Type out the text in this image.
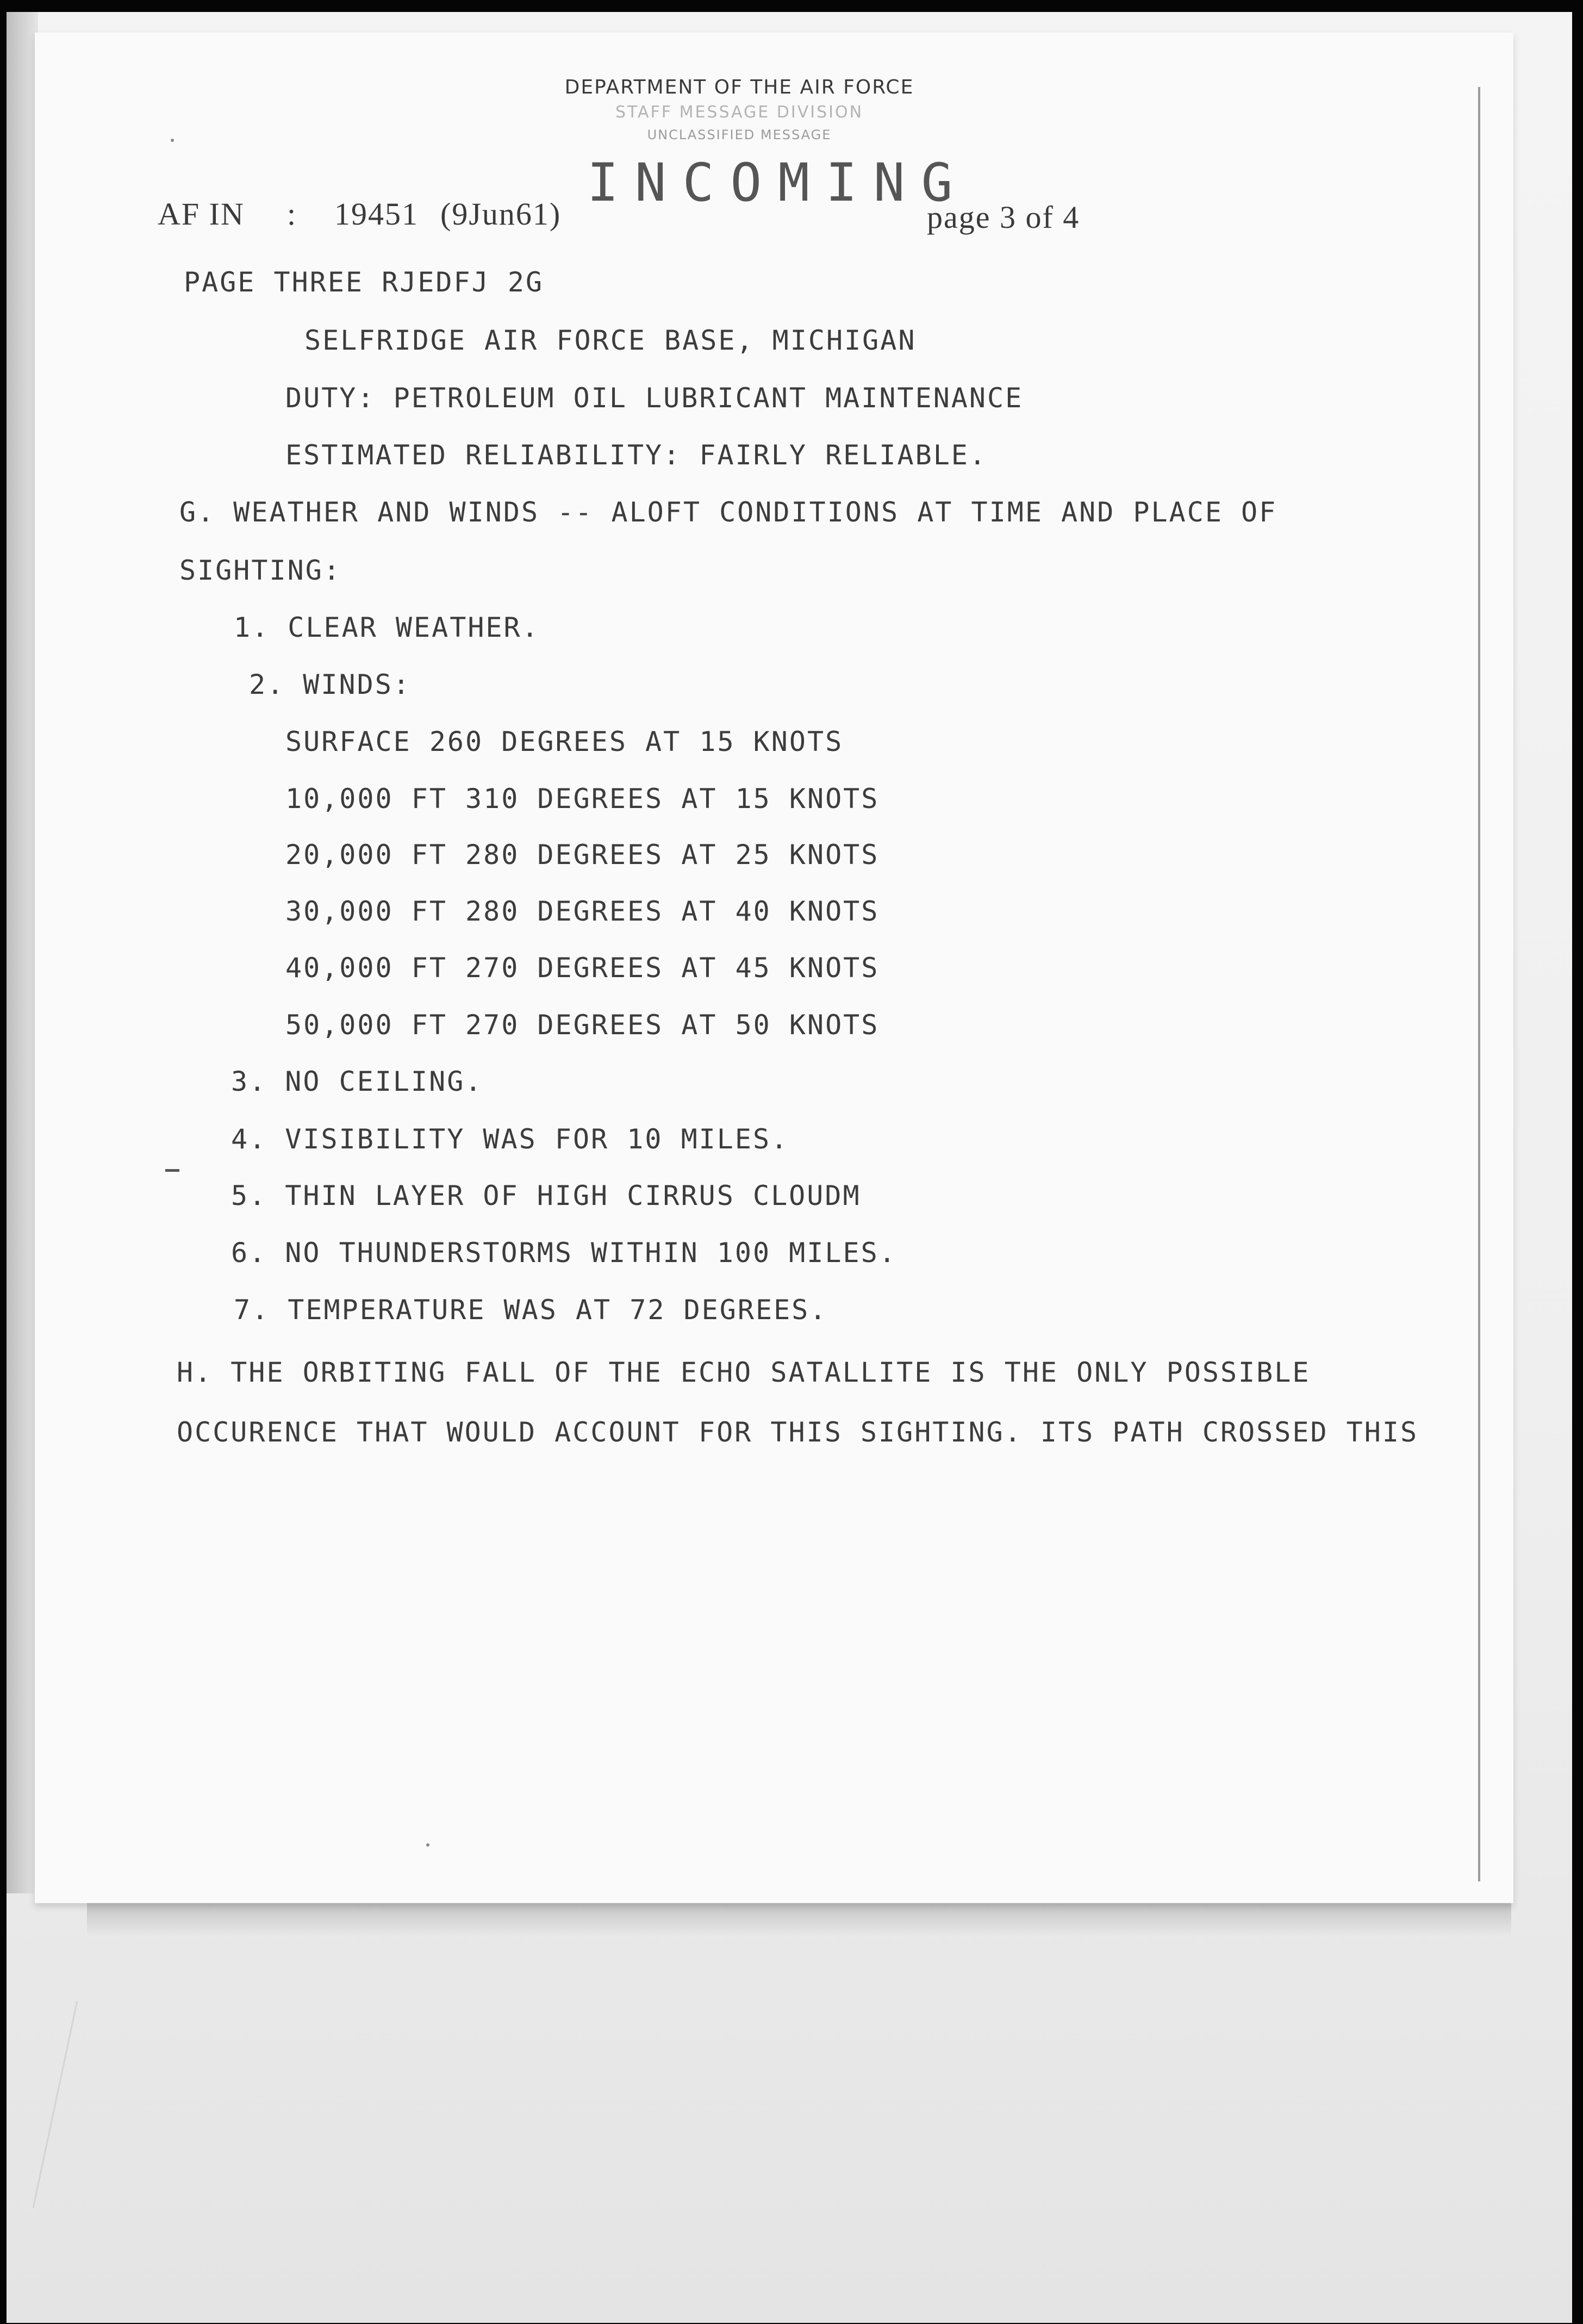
DEPARTMENT OF THE AIR FORCE
STAFF MESSAGE DIVISION
UNCLASSIFIED MESSAGE
INCOMING
AF IN : 19451 (9Jun61)	page 3 of 4
PAGE THREE RJEDFJ 2G
SELFRIDGE AIR FORCE BASE, MICHIGAN
DUTY: PETROLEUM OIL LUBRICANT MAINTENANCE
ESTIMATED RELIABILITY: FAIRLY RELIABLE.
G. WEATHER AND WINDS -- ALOFT CONDITIONS AT TIME AND PLACE OF
SIGHTING:
1. CLEAR WEATHER.
2. WINDS:
SURFACE 260 DEGREES AT 15 KNOTS
10,000 FT 310 DEGREES AT 15 KNOTS
20,000 FT 280 DEGREES AT 25 KNOTS
30,000 FT 280 DEGREES AT 40 KNOTS
40,000 FT 270 DEGREES AT 45 KNOTS
50,000 FT 270 DEGREES AT 50 KNOTS
3. NO CEILING.
4. VISIBILITY WAS FOR 10 MILES.
5. THIN LAYER OF HIGH CIRRUS CLOUDM
6. NO THUNDERSTORMS WITHIN 100 MILES.
7. TEMPERATURE WAS AT 72 DEGREES.
H. THE ORBITING FALL OF THE ECHO SATALLITE IS THE ONLY POSSIBLE
OCCURENCE THAT WOULD ACCOUNT FOR THIS SIGHTING. ITS PATH CROSSED THIS
